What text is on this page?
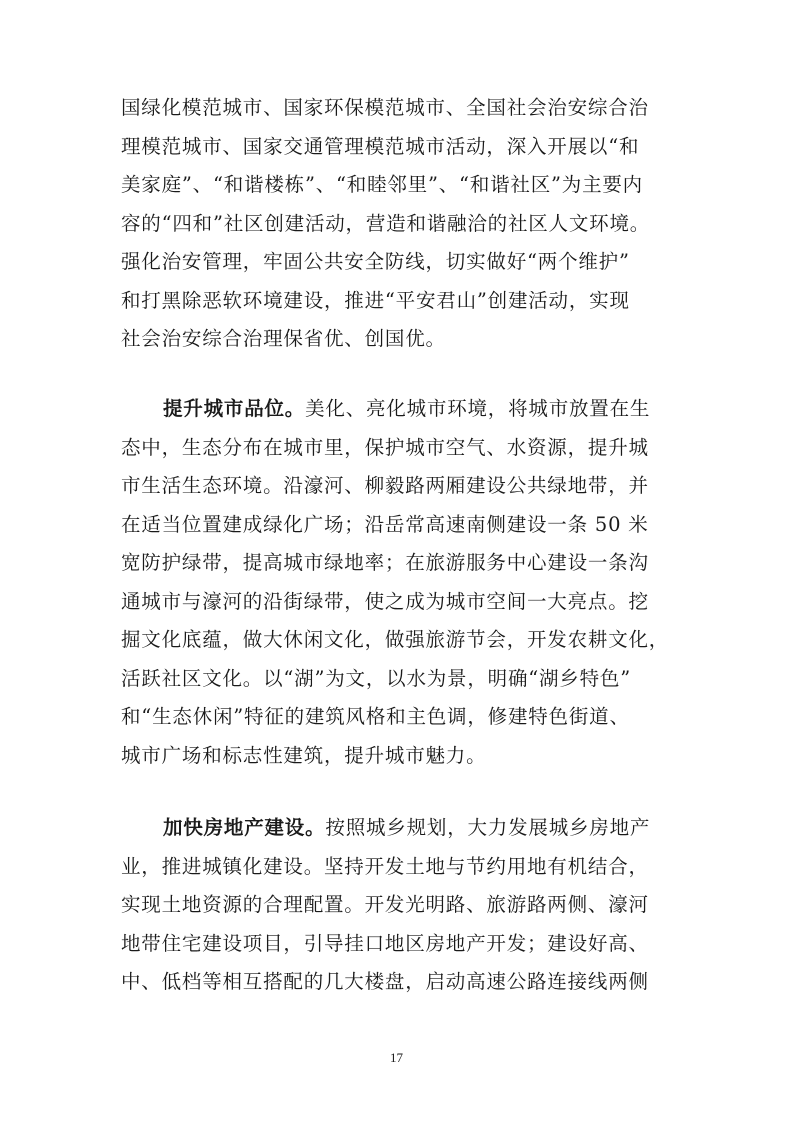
国绿化模范城市、国家环保模范城市、全国社会治安综合治
理模范城市、国家交通管理模范城市活动，深入开展以“和
美家庭”、“和谐楼栋”、“和睦邻里”、“和谐社区”为主要内
容的“四和”社区创建活动，营造和谐融洽的社区人文环境。
强化治安管理，牢固公共安全防线，切实做好“两个维护”
和打黑除恶软环境建设，推进“平安君山”创建活动，实现
社会治安综合治理保省优、创国优。
提升城市品位。美化、亮化城市环境，将城市放置在生
态中，生态分布在城市里，保护城市空气、水资源，提升城
市生活生态环境。沿濠河、柳毅路两厢建设公共绿地带，并
在适当位置建成绿化广场；沿岳常高速南侧建设一条 50 米
宽防护绿带，提高城市绿地率；在旅游服务中心建设一条沟
通城市与濠河的沿街绿带，使之成为城市空间一大亮点。挖
掘文化底蕴，做大休闲文化，做强旅游节会，开发农耕文化，
活跃社区文化。以“湖”为文，以水为景，明确“湖乡特色”
和“生态休闲”特征的建筑风格和主色调，修建特色街道、
城市广场和标志性建筑，提升城市魅力。
加快房地产建设。按照城乡规划，大力发展城乡房地产
业，推进城镇化建设。坚持开发土地与节约用地有机结合，
实现土地资源的合理配置。开发光明路、旅游路两侧、濠河
地带住宅建设项目，引导挂口地区房地产开发；建设好高、
中、低档等相互搭配的几大楼盘，启动高速公路连接线两侧
17
